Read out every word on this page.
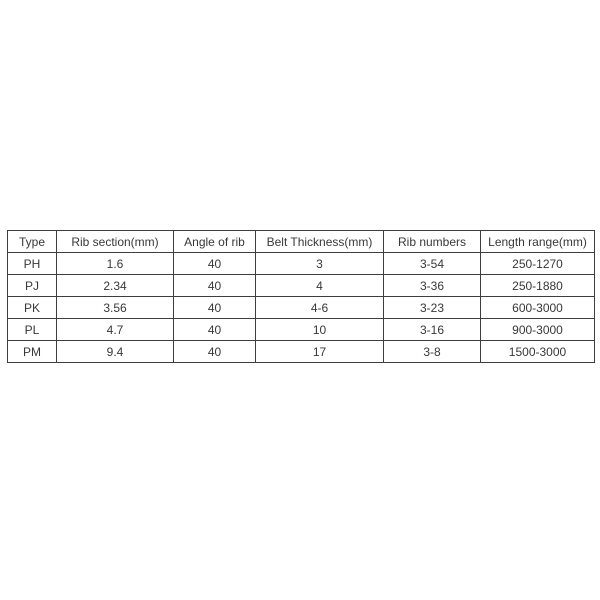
Type	Rib section(mm)	Angle of rib	Belt Thickness(mm)	Rib numbers	Length range(mm)
PH	1.6	40	3	3-54	250-1270
PJ	2.34	40	4	3-36	250-1880
PK	3.56	40	4-6	3-23	600-3000
PL	4.7	40	10	3-16	900-3000
PM	9.4	40	17	3-8	1500-3000
